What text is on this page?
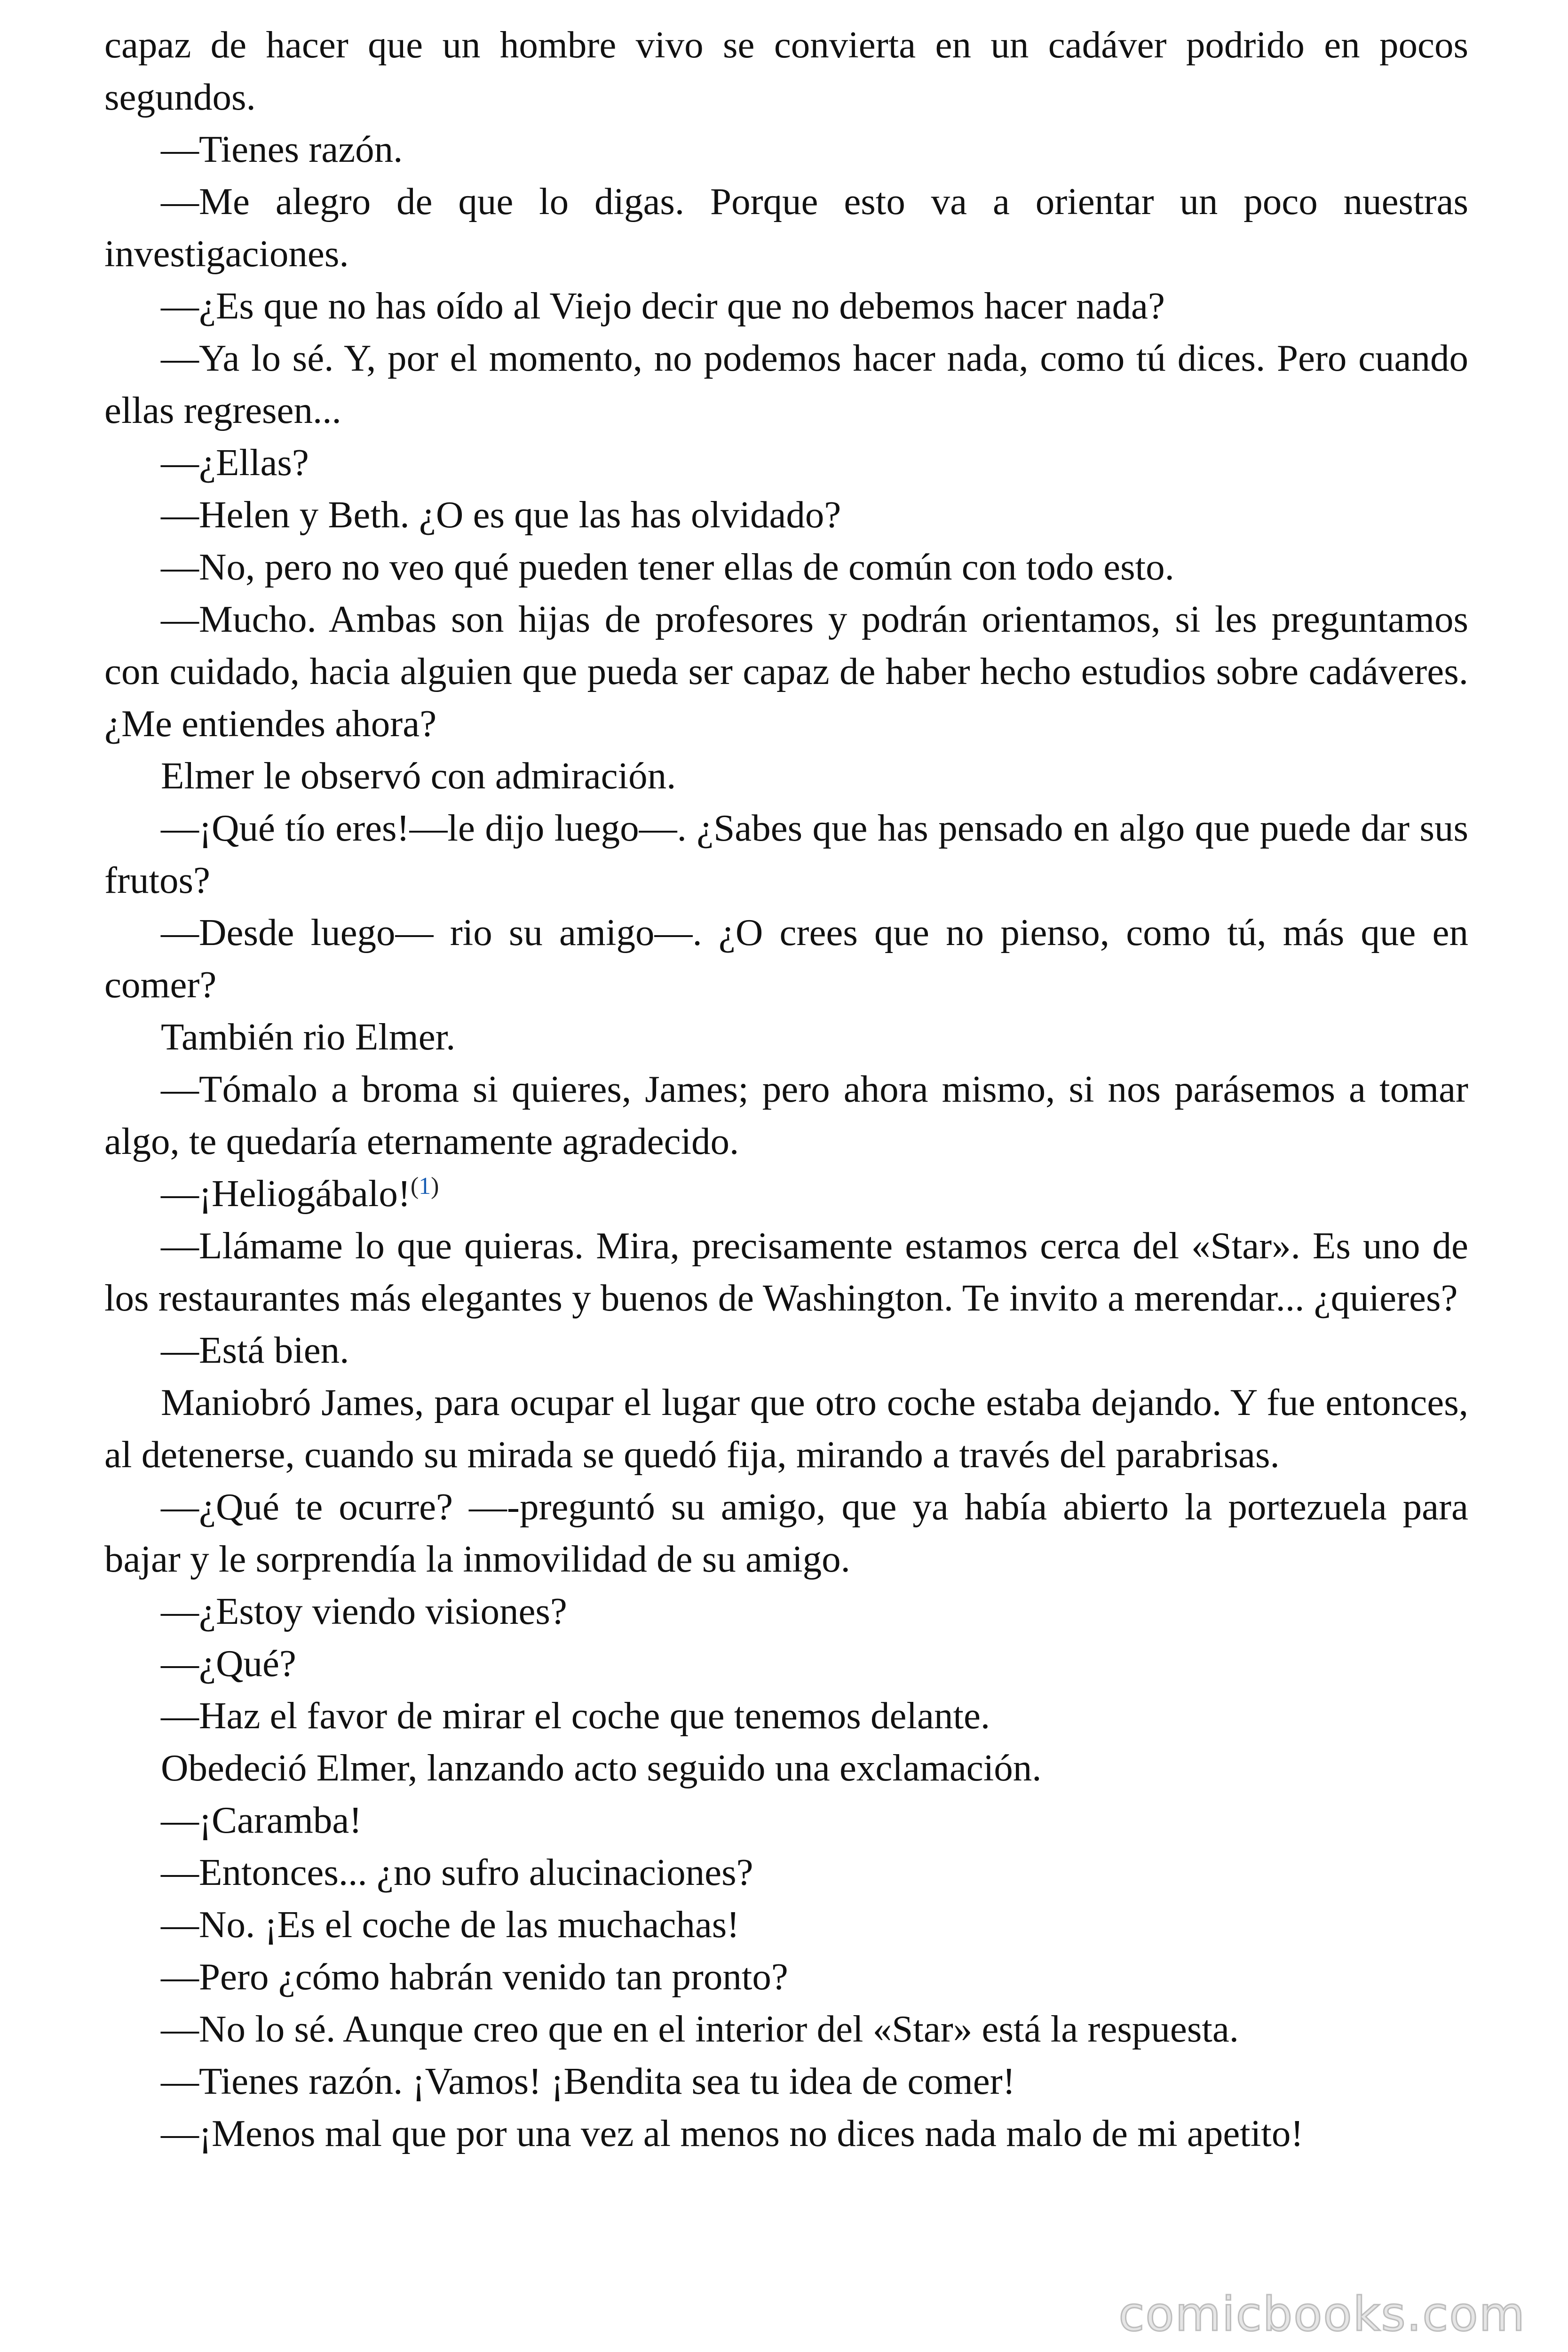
capaz de hacer que un hombre vivo se convierta en un cadáver podrido en pocos segundos.

—Tienes razón.

—Me alegro de que lo digas. Porque esto va a orientar un poco nuestras investigaciones.

—¿Es que no has oído al Viejo decir que no debemos hacer nada?

—Ya lo sé. Y, por el momento, no podemos hacer nada, como tú dices. Pero cuando ellas regresen...

—¿Ellas?

—Helen y Beth. ¿O es que las has olvidado?

—No, pero no veo qué pueden tener ellas de común con todo esto.

—Mucho. Ambas son hijas de profesores y podrán orientamos, si les preguntamos con cuidado, hacia alguien que pueda ser capaz de haber hecho estudios sobre cadáveres. ¿Me entiendes ahora?

Elmer le observó con admiración.

—¡Qué tío eres!—le dijo luego—. ¿Sabes que has pensado en algo que puede dar sus frutos?

—Desde luego— rio su amigo—. ¿O crees que no pienso, como tú, más que en comer?

También rio Elmer.

—Tómalo a broma si quieres, James; pero ahora mismo, si nos parásemos a tomar algo, te quedaría eternamente agradecido.

—¡Heliogábalo!$^{(1)}$

—Llámame lo que quieras. Mira, precisamente estamos cerca del «Star». Es uno de los restaurantes más elegantes y buenos de Washington. Te invito a merendar... ¿quieres?

—Está bien.

Maniobró James, para ocupar el lugar que otro coche estaba dejando. Y fue entonces, al detenerse, cuando su mirada se quedó fija, mirando a través del parabrisas.

—¿Qué te ocurre? —-preguntó su amigo, que ya había abierto la portezuela para bajar y le sorprendía la inmovilidad de su amigo.

—¿Estoy viendo visiones?

—¿Qué?

—Haz el favor de mirar el coche que tenemos delante.

Obedeció Elmer, lanzando acto seguido una exclamación.

—¡Caramba!

—Entonces... ¿no sufro alucinaciones?

—No. ¡Es el coche de las muchachas!

—Pero ¿cómo habrán venido tan pronto?

—No lo sé. Aunque creo que en el interior del «Star» está la respuesta.

—Tienes razón. ¡Vamos! ¡Bendita sea tu idea de comer!

—¡Menos mal que por una vez al menos no dices nada malo de mi apetito!

comicbooks.com
